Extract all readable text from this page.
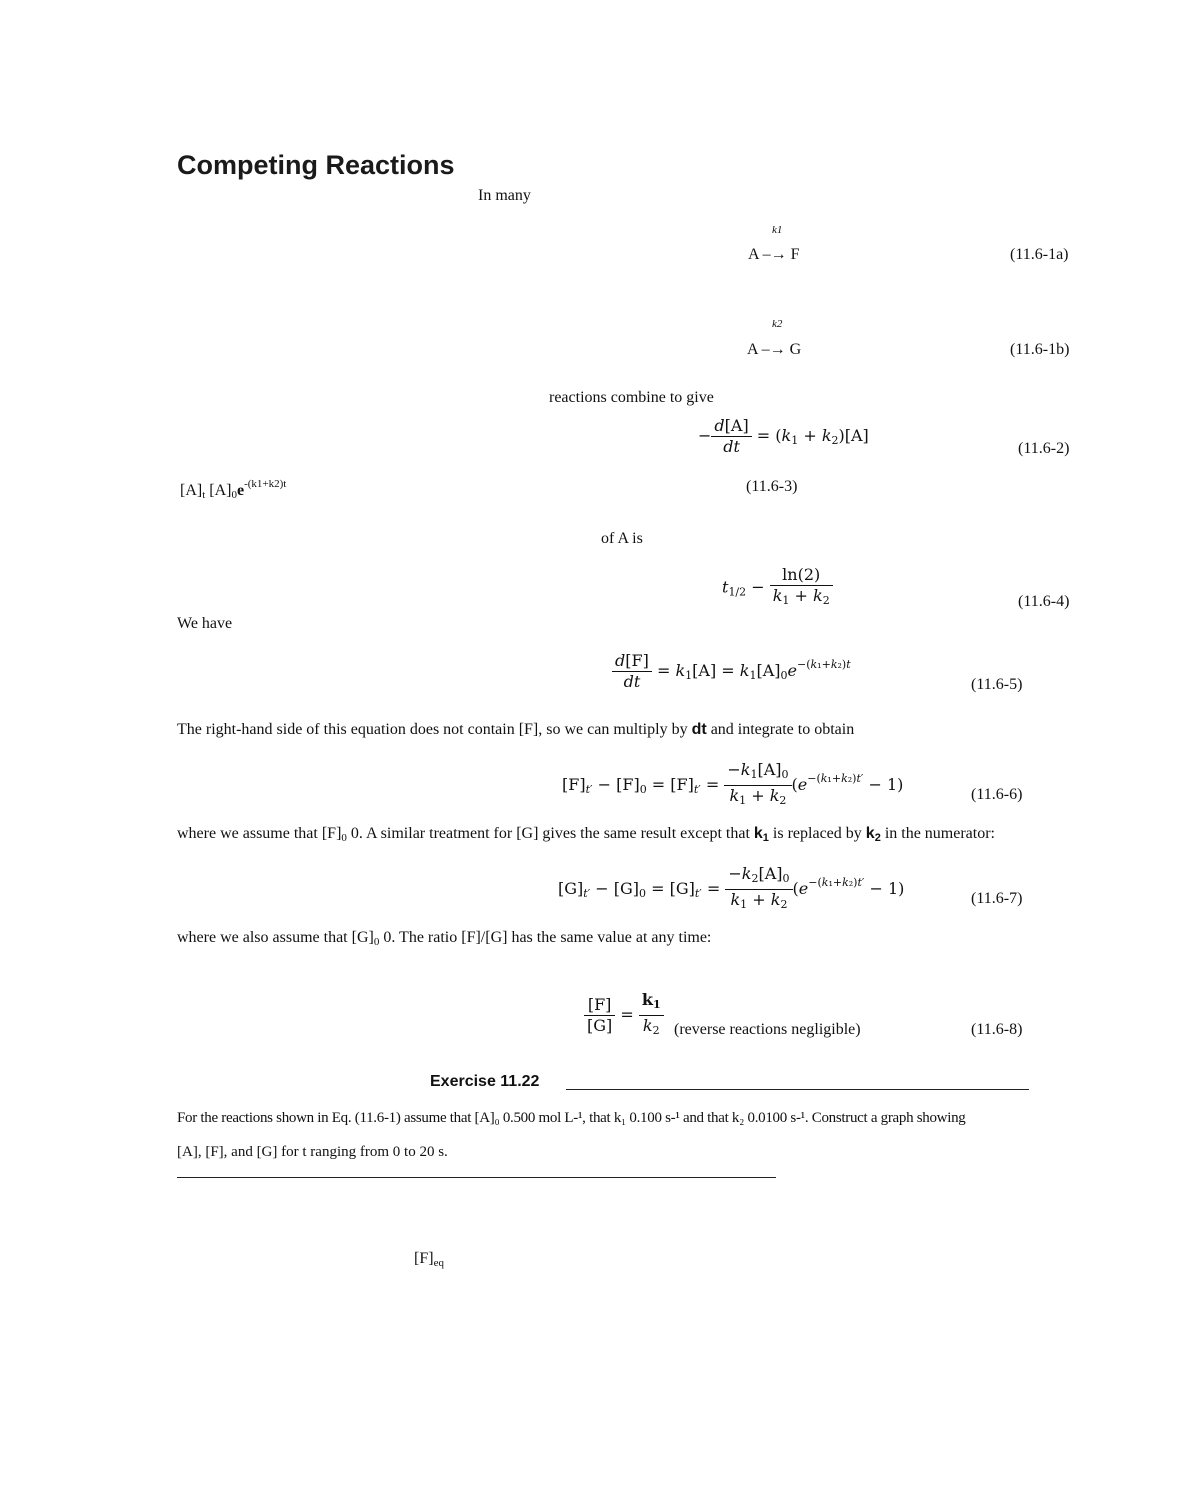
Competing Reactions
In many
k1
A –→ F	(11.6-1a)
k2
A –→ G	(11.6-1b)
reactions combine to give
− $\frac{d[A]}{dt} = (k_1 + k_2)[A]$
(11.6-2)
$[A]_t$ $[A]_0e^{-(k1+k2)t}$	(11.6-3)
of A is
$t_{1/2} - \frac{\ln(2)}{k_1 + k_2}$	(11.6-4)
We have
$\frac{d[F]}{dt} = k_1[A] = k_1[A]_0e^{-(k_1+k_2)t}$
(11.6-5)
The right-hand side of this equation does not contain [F], so we can multiply by dt and integrate to obtain
$[F]_{t'} - [F]_0 = [F]_{t'} = \frac{-k_1[A]_0}{k_1 + k_2} (e^{-(k_1+k_2)t'} - 1)$
(11.6-6)
where we assume that $[F]_0$ 0. A similar treatment for [G] gives the same result except that $k_1$ is replaced by $k_2$ in the numerator:
$[G]_{t'} - [G]_0 = [G]_{t'} = \frac{-k_2[A]_0}{k_1 + k_2} (e^{-(k_1+k_2)t'} - 1)$
(11.6-7)
where we also assume that $[G]_0$ 0. The ratio [F]/[G] has the same value at any time:
$\frac{[F]}{[G]} = \frac{k_1}{k_2}$ (reverse reactions negligible)	(11.6-8)
Exercise 11.22
For the reactions shown in Eq. (11.6-1) assume that [A]₀ 0.500 mol L-¹, that k₁ 0.100 s-¹ and that k₂ 0.0100 s-¹. Construct a graph showing
[A], [F], and [G] for t ranging from 0 to 20 s.
$[F]_{eq}$
